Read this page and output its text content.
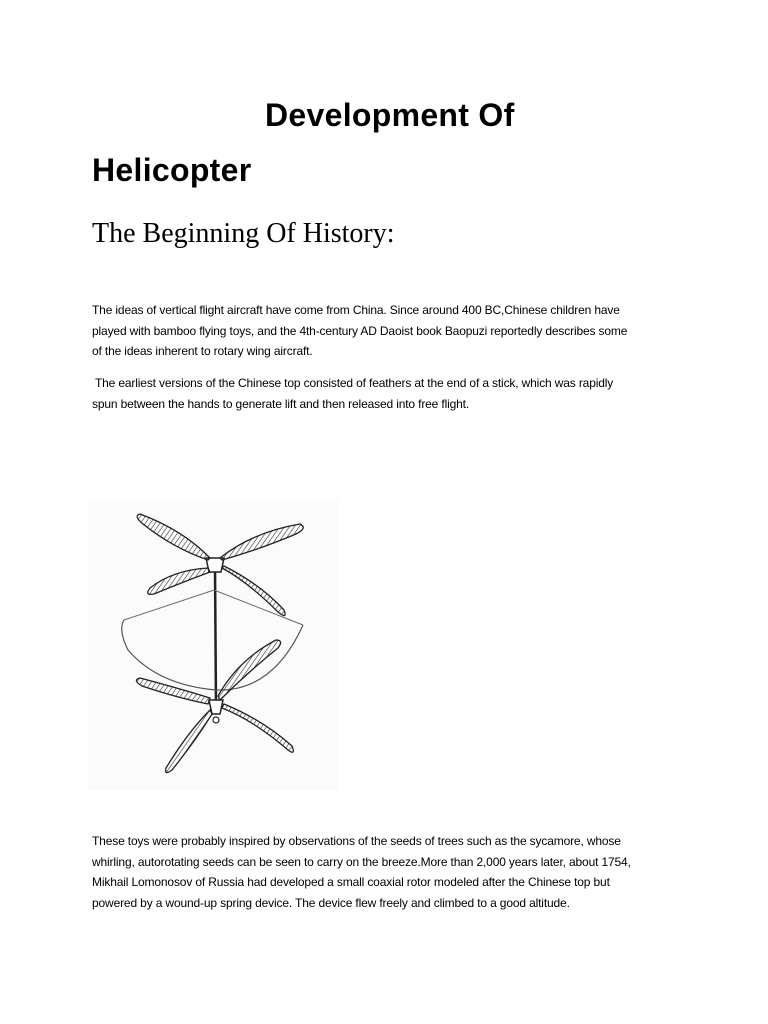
Development Of
Helicopter
The Beginning Of History:
The ideas of vertical flight aircraft have come from China. Since around 400 BC,Chinese children have
played with bamboo flying toys, and the 4th-century AD Daoist book Baopuzi reportedly describes some
of the ideas inherent to rotary wing aircraft.
The earliest versions of the Chinese top consisted of feathers at the end of a stick, which was rapidly
spun between the hands to generate lift and then released into free flight.
These toys were probably inspired by observations of the seeds of trees such as the sycamore, whose
whirling, autorotating seeds can be seen to carry on the breeze.More than 2,000 years later, about 1754,
Mikhail Lomonosov of Russia had developed a small coaxial rotor modeled after the Chinese top but
powered by a wound-up spring device. The device flew freely and climbed to a good altitude.
